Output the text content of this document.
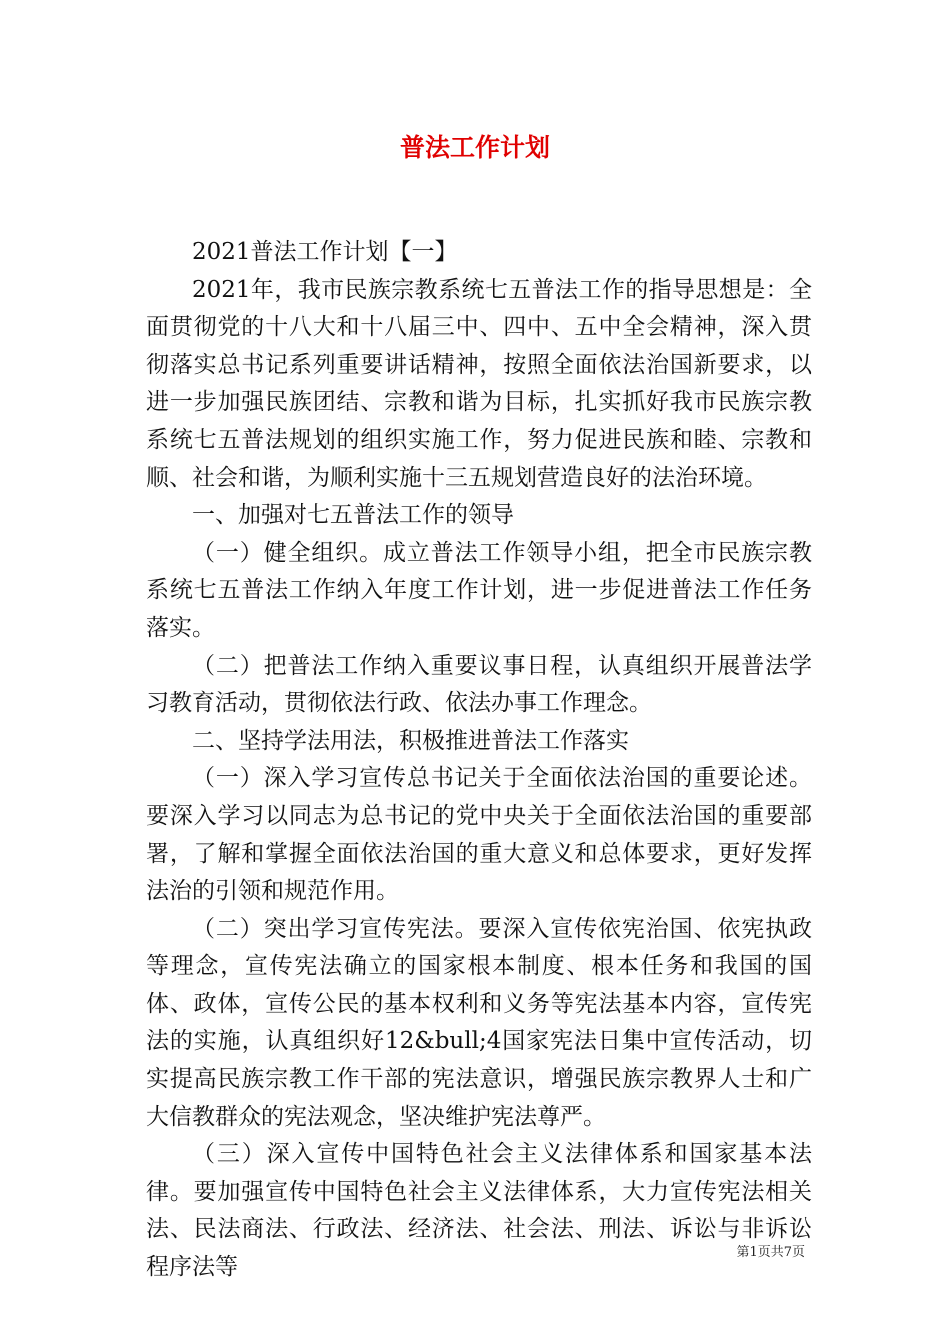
普法工作计划

2021普法工作计划【一】

2021年，我市民族宗教系统七五普法工作的指导思想是：全面贯彻党的十八大和十八届三中、四中、五中全会精神，深入贯彻落实总书记系列重要讲话精神，按照全面依法治国新要求，以进一步加强民族团结、宗教和谐为目标，扎实抓好我市民族宗教系统七五普法规划的组织实施工作，努力促进民族和睦、宗教和顺、社会和谐，为顺利实施十三五规划营造良好的法治环境。

一、加强对七五普法工作的领导

（一）健全组织。成立普法工作领导小组，把全市民族宗教系统七五普法工作纳入年度工作计划，进一步促进普法工作任务落实。

（二）把普法工作纳入重要议事日程，认真组织开展普法学习教育活动，贯彻依法行政、依法办事工作理念。

二、坚持学法用法，积极推进普法工作落实

（一）深入学习宣传总书记关于全面依法治国的重要论述。要深入学习以同志为总书记的党中央关于全面依法治国的重要部署，了解和掌握全面依法治国的重大意义和总体要求，更好发挥法治的引领和规范作用。

（二）突出学习宣传宪法。要深入宣传依宪治国、依宪执政等理念，宣传宪法确立的国家根本制度、根本任务和我国的国体、政体，宣传公民的基本权利和义务等宪法基本内容，宣传宪法的实施，认真组织好12&bull;4国家宪法日集中宣传活动，切实提高民族宗教工作干部的宪法意识，增强民族宗教界人士和广大信教群众的宪法观念，坚决维护宪法尊严。

（三）深入宣传中国特色社会主义法律体系和国家基本法律。要加强宣传中国特色社会主义法律体系，大力宣传宪法相关法、民法商法、行政法、经济法、社会法、刑法、诉讼与非诉讼程序法等

第1页共7页
